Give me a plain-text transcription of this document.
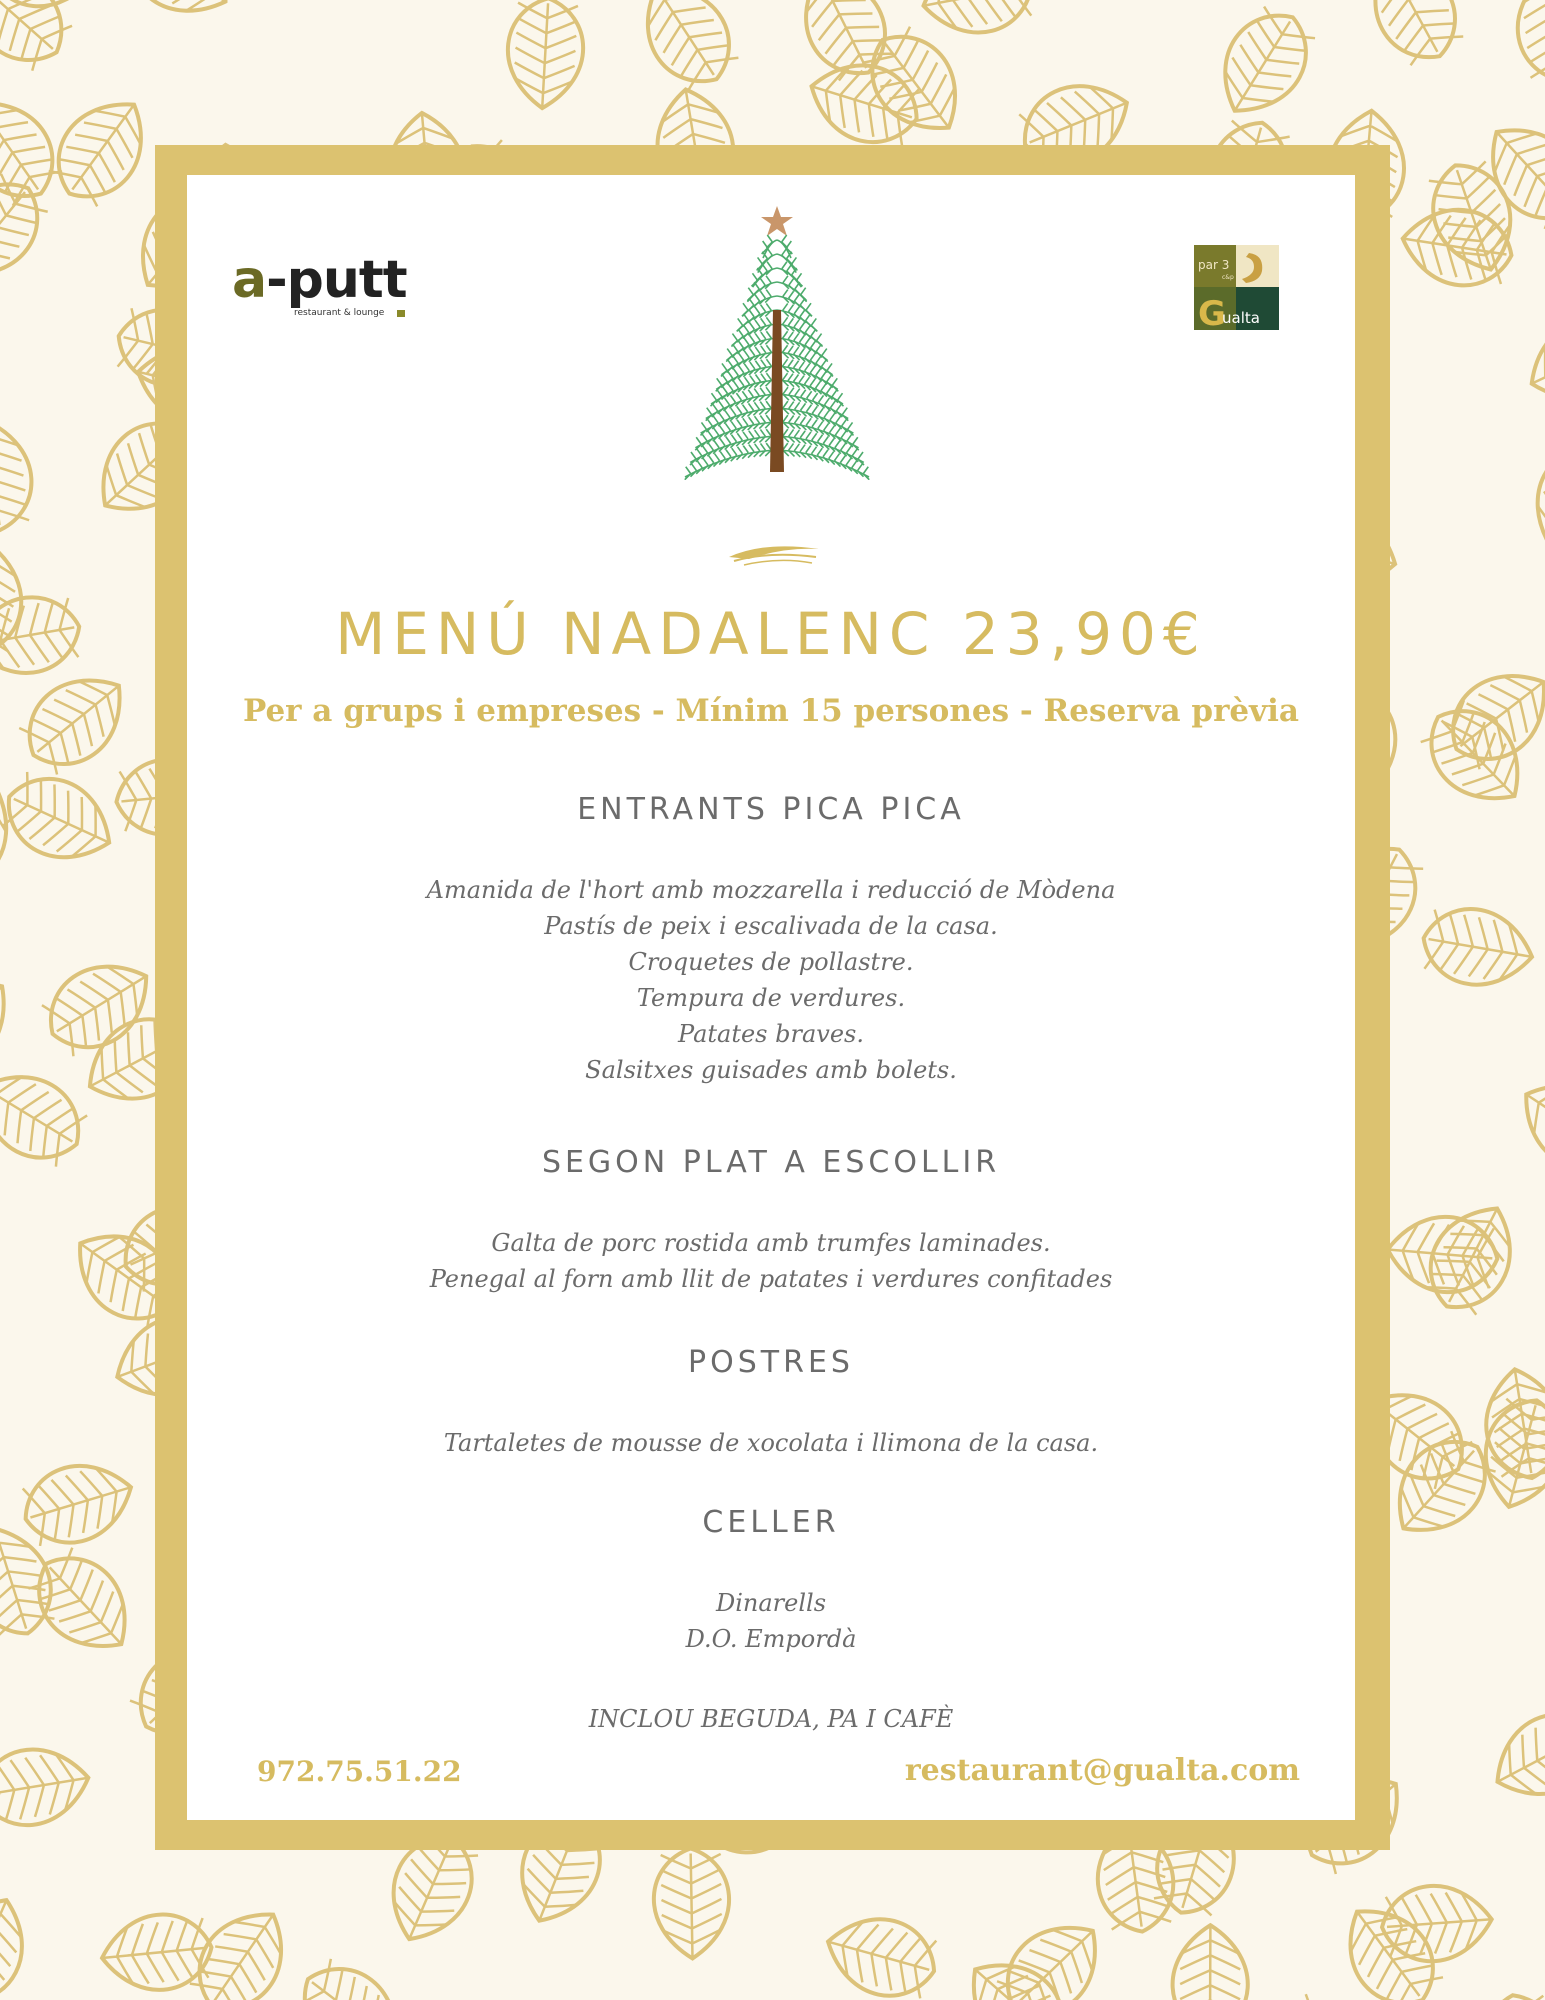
a-putt
restaurant & lounge
par 3
c&p
G
ualta
MENÚ NADALENC 23,90€
Per a grups i empreses - Mínim 15 persones - Reserva prèvia
ENTRANTS PICA PICA
Amanida de l'hort amb mozzarella i reducció de Mòdena
Pastís de peix i escalivada de la casa.
Croquetes de pollastre.
Tempura de verdures.
Patates braves.
Salsitxes guisades amb bolets.
SEGON PLAT A ESCOLLIR
Galta de porc rostida amb trumfes laminades.
Penegal al forn amb llit de patates i verdures confitades
POSTRES
Tartaletes de mousse de xocolata i llimona de la casa.
CELLER
Dinarells
D.O. Empordà
INCLOU BEGUDA, PA I CAFÈ
972.75.51.22	restaurant@gualta.com
